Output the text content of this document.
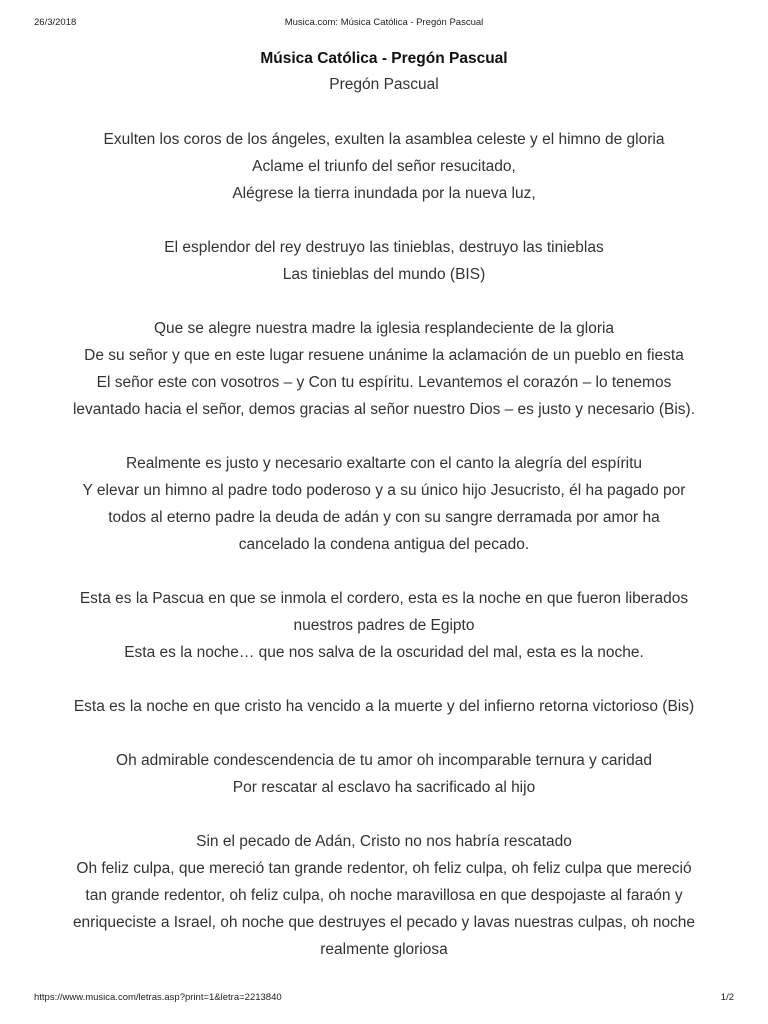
26/3/2018	Musica.com: Música Católica - Pregón Pascual
Música Católica - Pregón Pascual

Pregón Pascual

Exulten los coros de los ángeles, exulten la asamblea celeste y el himno de gloria

Aclame el triunfo del señor resucitado,

Alégrese la tierra inundada por la nueva luz,

El esplendor del rey destruyo las tinieblas, destruyo las tinieblas

Las tinieblas del mundo (BIS)

Que se alegre nuestra madre la iglesia resplandeciente de la gloria

De su señor y que en este lugar resuene unánime la aclamación de un pueblo en fiesta

El señor este con vosotros – y Con tu espíritu. Levantemos el corazón – lo tenemos

levantado hacia el señor, demos gracias al señor nuestro Dios – es justo y necesario (Bis).

Realmente es justo y necesario exaltarte con el canto la alegría del espíritu

Y elevar un himno al padre todo poderoso y a su único hijo Jesucristo, él ha pagado por

todos al eterno padre la deuda de adán y con su sangre derramada por amor ha

cancelado la condena antigua del pecado.

Esta es la Pascua en que se inmola el cordero, esta es la noche en que fueron liberados

nuestros padres de Egipto

Esta es la noche… que nos salva de la oscuridad del mal, esta es la noche.

Esta es la noche en que cristo ha vencido a la muerte y del infierno retorna victorioso (Bis)

Oh admirable condescendencia de tu amor oh incomparable ternura y caridad

Por rescatar al esclavo ha sacrificado al hijo

Sin el pecado de Adán, Cristo no nos habría rescatado

Oh feliz culpa, que mereció tan grande redentor, oh feliz culpa, oh feliz culpa que mereció

tan grande redentor, oh feliz culpa, oh noche maravillosa en que despojaste al faraón y

enriqueciste a Israel, oh noche que destruyes el pecado y lavas nuestras culpas, oh noche

realmente gloriosa

https://www.musica.com/letras.asp?print=1&letra=2213840	1/2
